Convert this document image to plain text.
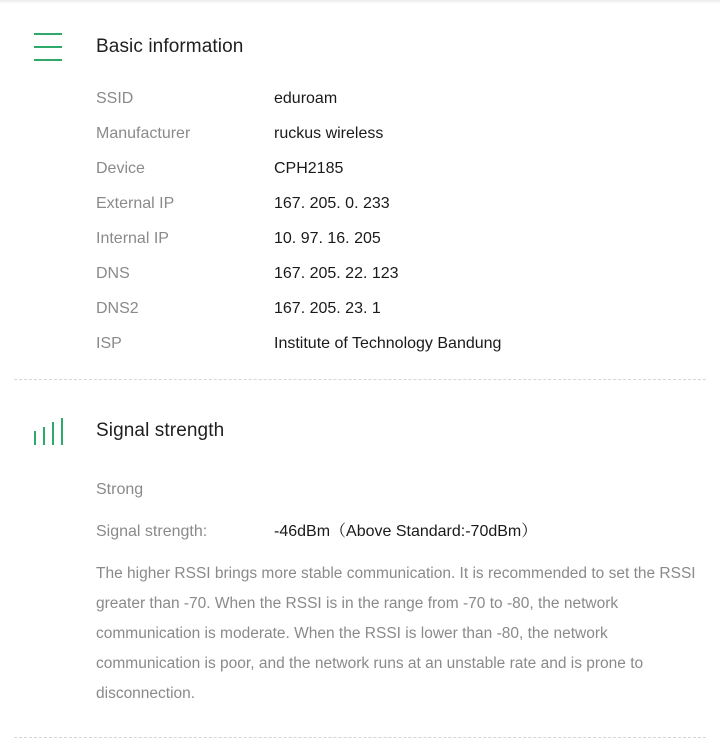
Basic information
SSID	eduroam
Manufacturer	ruckus wireless
Device	CPH2185
External IP	167. 205. 0. 233
Internal IP	10. 97. 16. 205
DNS	167. 205. 22. 123
DNS2	167. 205. 23. 1
ISP	Institute of Technology Bandung
Signal strength
Strong
Signal strength:	-46dBm（Above Standard:-70dBm）
The higher RSSI brings more stable communication. It is recommended to set the RSSI greater than -70. When the RSSI is in the range from -70 to -80, the network communication is moderate. When the RSSI is lower than -80, the network communication is poor, and the network runs at an unstable rate and is prone to disconnection.
